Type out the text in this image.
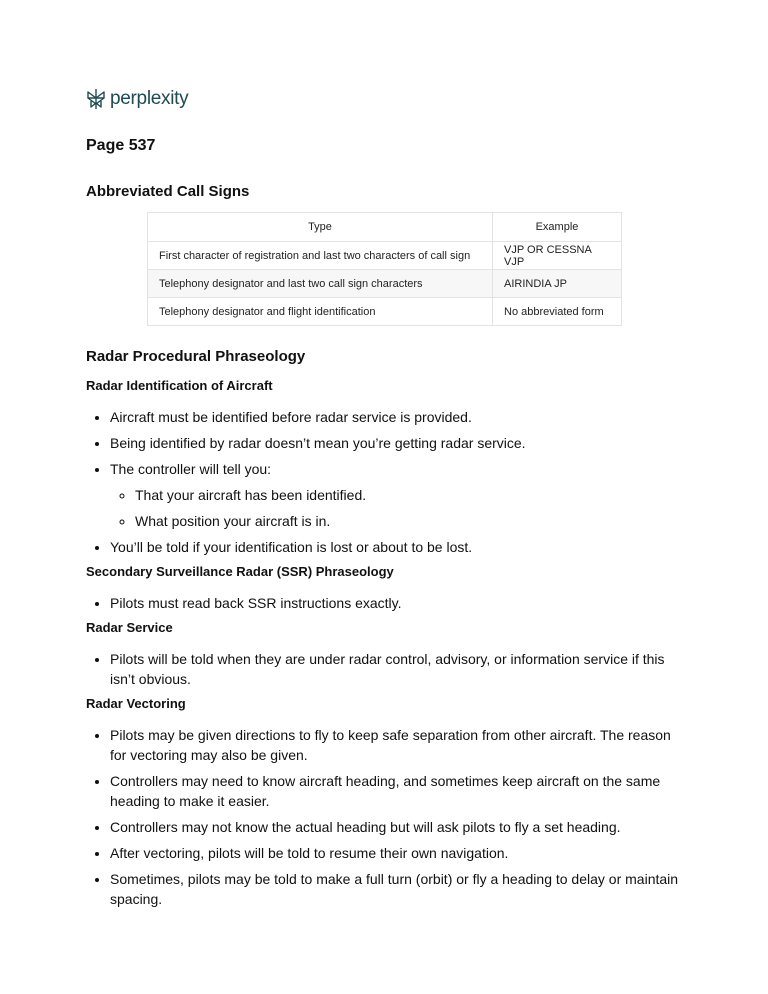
perplexity
Page 537
Abbreviated Call Signs
Type	Example
First character of registration and last two characters of call sign	VJP OR CESSNA VJP
Telephony designator and last two call sign characters	AIRINDIA JP
Telephony designator and flight identification	No abbreviated form
Radar Procedural Phraseology
Radar Identification of Aircraft
• Aircraft must be identified before radar service is provided.
• Being identified by radar doesn’t mean you’re getting radar service.
• The controller will tell you:
◦ That your aircraft has been identified.
◦ What position your aircraft is in.
• You’ll be told if your identification is lost or about to be lost.
Secondary Surveillance Radar (SSR) Phraseology
• Pilots must read back SSR instructions exactly.
Radar Service
• Pilots will be told when they are under radar control, advisory, or information service if this isn’t obvious.
Radar Vectoring
• Pilots may be given directions to fly to keep safe separation from other aircraft. The reason for vectoring may also be given.
• Controllers may need to know aircraft heading, and sometimes keep aircraft on the same heading to make it easier.
• Controllers may not know the actual heading but will ask pilots to fly a set heading.
• After vectoring, pilots will be told to resume their own navigation.
• Sometimes, pilots may be told to make a full turn (orbit) or fly a heading to delay or maintain spacing.
